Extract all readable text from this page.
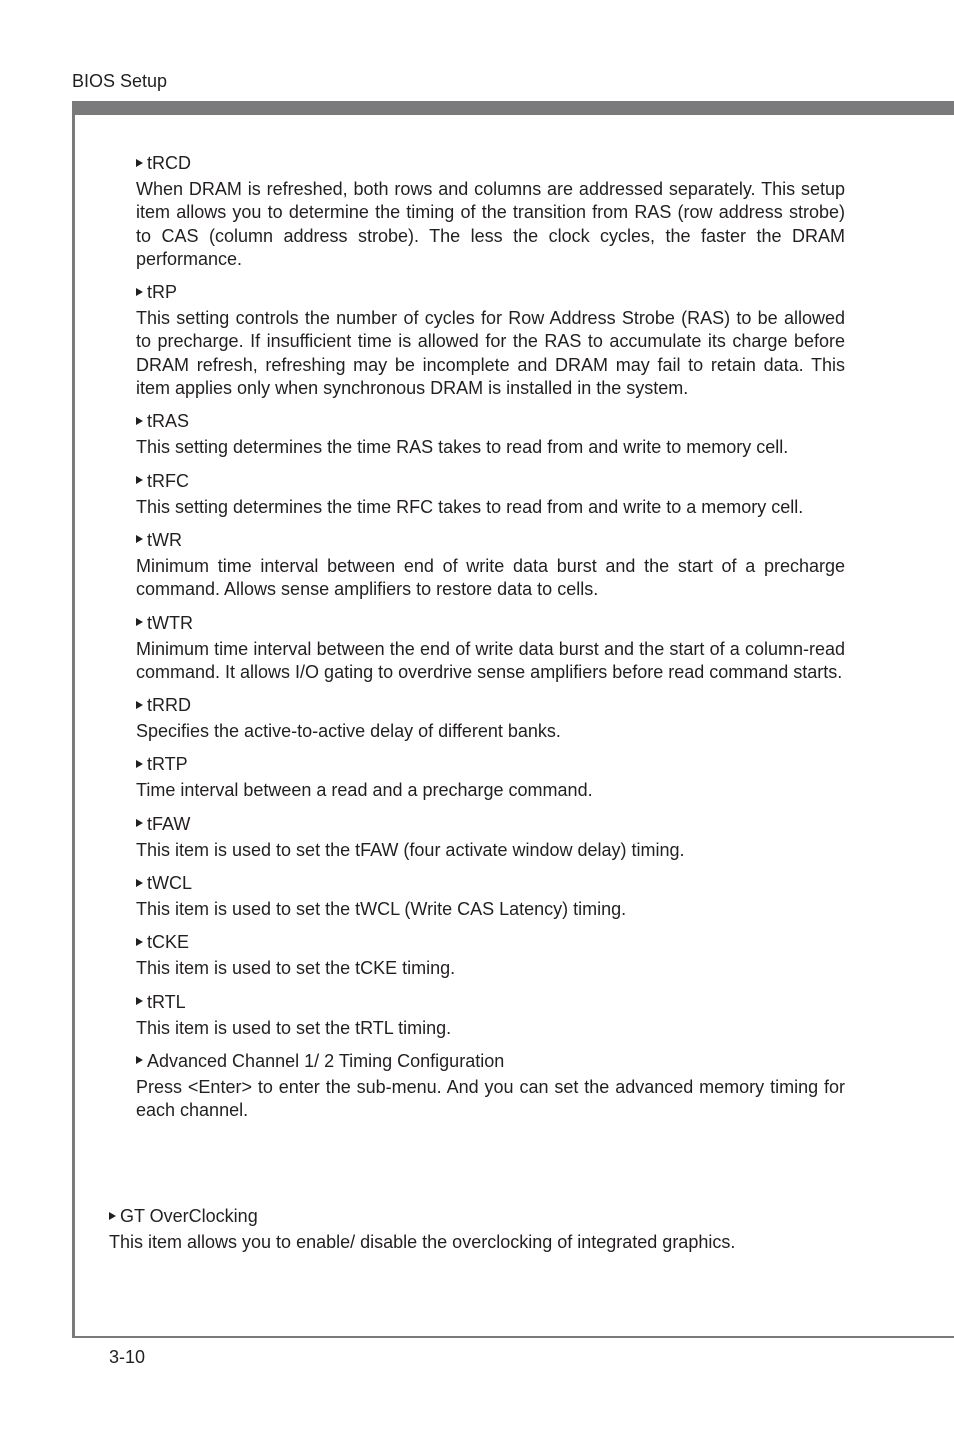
BIOS Setup
tRCD
When DRAM is refreshed, both rows and columns are addressed separately. This setup item allows you to determine the timing of the transition from RAS (row address strobe) to CAS (column address strobe). The less the clock cycles, the faster the DRAM performance.
tRP
This setting controls the number of cycles for Row Address Strobe (RAS) to be allowed to precharge. If insufficient time is allowed for the RAS to accumulate its charge before DRAM refresh, refreshing may be incomplete and DRAM may fail to retain data. This item applies only when synchronous DRAM is installed in the system.
tRAS
This setting determines the time RAS takes to read from and write to memory cell.
tRFC
This setting determines the time RFC takes to read from and write to a memory cell.
tWR
Minimum time interval between end of write data burst and the start of a precharge command. Allows sense amplifiers to restore data to cells.
tWTR
Minimum time interval between the end of write data burst and the start of a column-read command. It allows I/O gating to overdrive sense amplifiers before read command starts.
tRRD
Specifies the active-to-active delay of different banks.
tRTP
Time interval between a read and a precharge command.
tFAW
This item is used to set the tFAW (four activate window delay) timing.
tWCL
This item is used to set the tWCL (Write CAS Latency) timing.
tCKE
This item is used to set the tCKE timing.
tRTL
This item is used to set the tRTL timing.
Advanced Channel 1/ 2 Timing Configuration
Press <Enter> to enter the sub-menu. And you can set the advanced memory timing for each channel.
GT OverClocking
This item allows you to enable/ disable the overclocking of integrated graphics.
3-10
